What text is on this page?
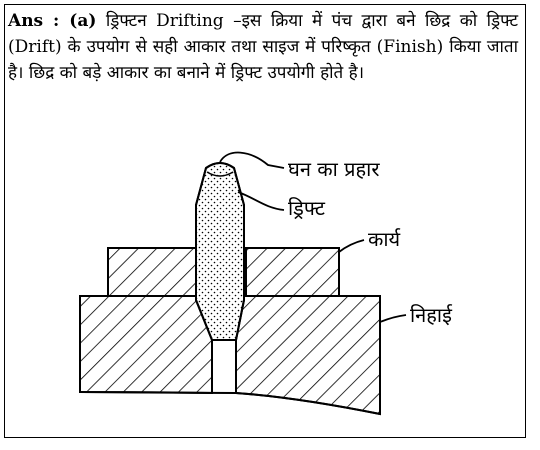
Ans : (a) ड्रिफ्टन Drifting –इस क्रिया में पंच द्वारा बने छिद्र को ड्रिफ्ट (Drift) के उपयोग से सही आकार तथा साइज में परिष्कृत (Finish) किया जाता है। छिद्र को बड़े आकार का बनाने में ड्रिफ्ट उपयोगी होते है।
घन का प्रहार
ड्रिफ्ट
कार्य
निहाई
